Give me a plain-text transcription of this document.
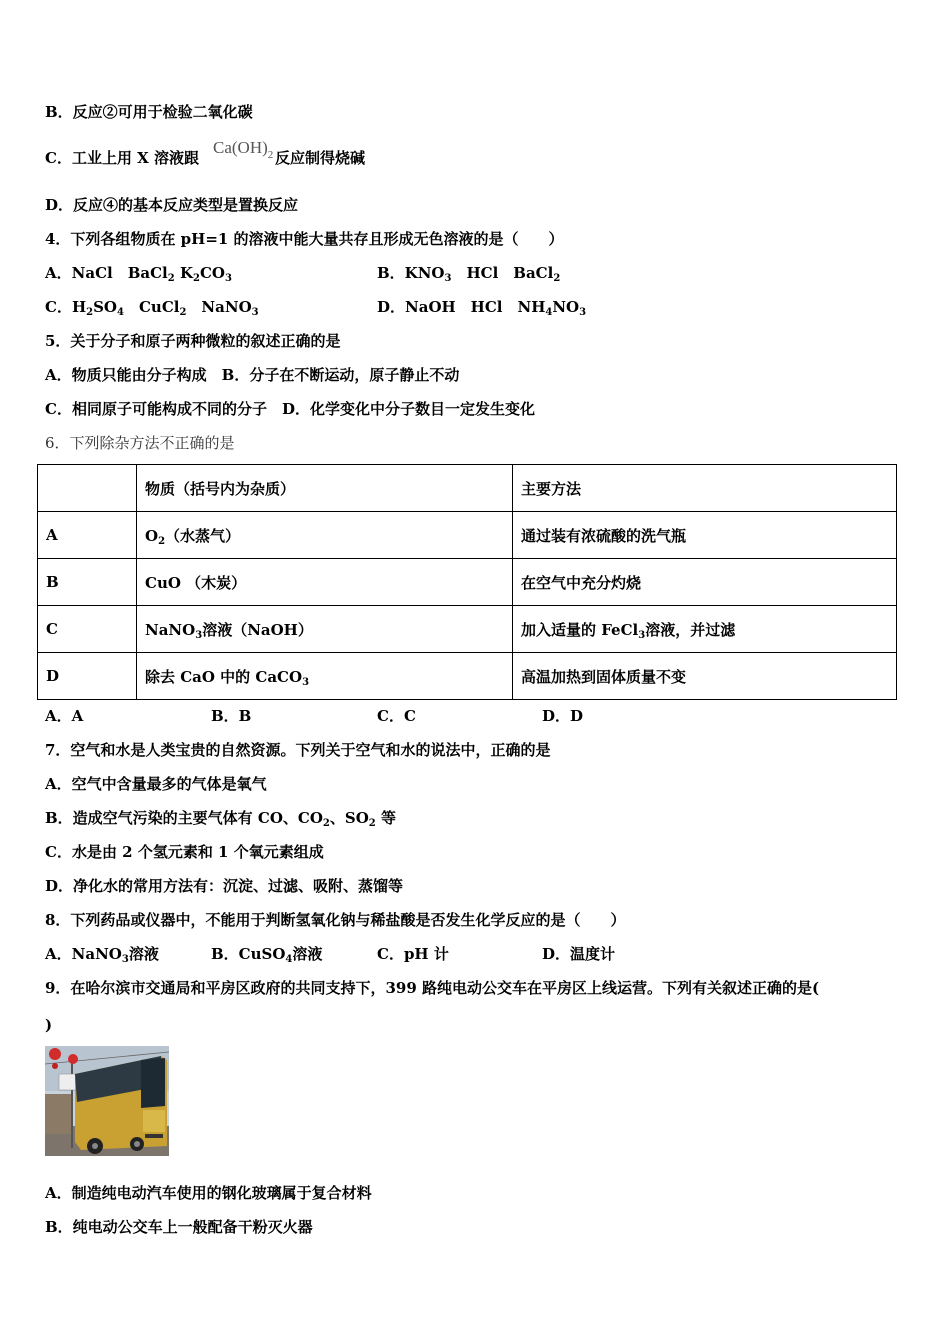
B．反应②可用于检验二氧化碳
C．工业上用 X 溶液跟	反应制得烧碱
$Ca(OH)_2$
D．反应④的基本反应类型是置换反应
4．下列各组物质在 pH=1 的溶液中能大量共存且形成无色溶液的是（　　）
A．NaCl　BaCl$_2$ $K_2CO_3$	B．$KNO_3$　HCl　BaCl$_2$
C．$H_2SO_4$　CuCl$_2$　NaNO$_3$	D．NaOH　HCl　$NH_4NO_3$
5．关于分子和原子两种微粒的叙述正确的是
A．物质只能由分子构成　B．分子在不断运动，原子静止不动
C．相同原子可能构成不同的分子　D．化学变化中分子数目一定发生变化
6．下列除杂方法不正确的是
	物质（括号内为杂质）	主要方法
A	$O_2$（水蒸气）	通过装有浓硫酸的洗气瓶
B	CuO （木炭）	在空气中充分灼烧
C	NaNO$_3$溶液（NaOH）	加入适量的 FeCl$_3$溶液，并过滤
D	除去 CaO 中的 CaCO$_3$	高温加热到固体质量不变
A．A	B．B	C．C	D．D
7．空气和水是人类宝贵的自然资源。下列关于空气和水的说法中，正确的是
A．空气中含量最多的气体是氧气
B．造成空气污染的主要气体有 CO、$CO_2$、$SO_2$ 等
C．水是由 2 个氢元素和 1 个氧元素组成
D．净化水的常用方法有：沉淀、过滤、吸附、蒸馏等
8．下列药品或仪器中，不能用于判断氢氧化钠与稀盐酸是否发生化学反应的是（　　）
A．NaNO$_3$溶液	B．CuSO$_4$溶液	C．pH 计	D．温度计
9．在哈尔滨市交通局和平房区政府的共同支持下，399 路纯电动公交车在平房区上线运营。下列有关叙述正确的是(
)
A．制造纯电动汽车使用的钢化玻璃属于复合材料
B．纯电动公交车上一般配备干粉灭火器
